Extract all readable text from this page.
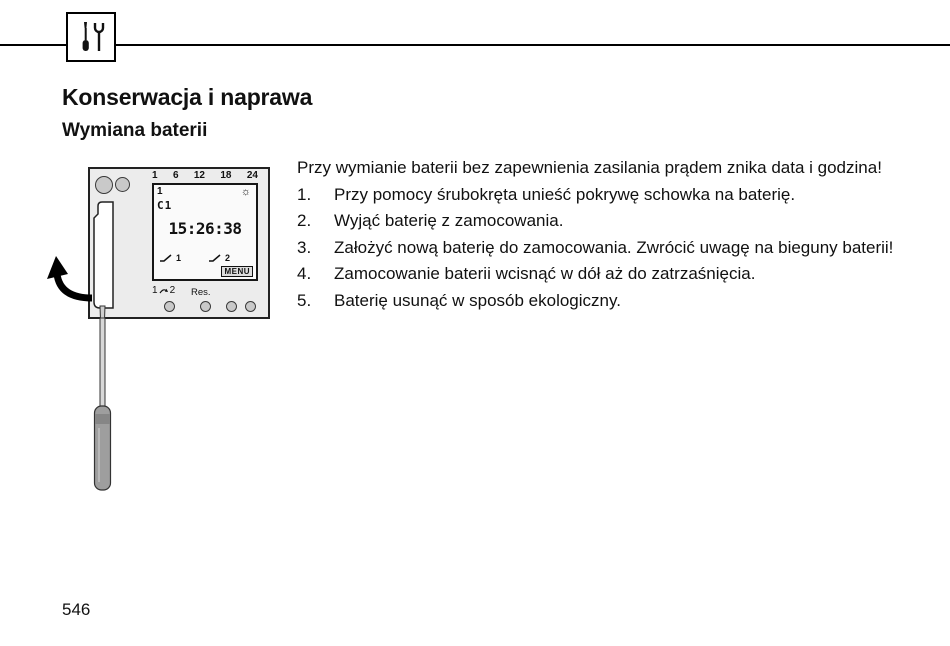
Konserwacja i naprawa
Wymiana baterii
1 6 12 18 24
1	☼
C1
15:26:38
1	2
MENU
1 2 Res.

Przy wymianie baterii bez zapewnienia zasilania prądem znika data i godzina!

1.	Przy pomocy śrubokręta unieść pokrywę schowka na baterię.
2.	Wyjąć baterię z zamocowania.
3.	Założyć nową baterię do zamocowania. Zwrócić uwagę na bieguny baterii!
4.	Zamocowanie baterii wcisnąć w dół aż do zatrzaśnięcia.
5.	Baterię usunąć w sposób ekologiczny.
546
